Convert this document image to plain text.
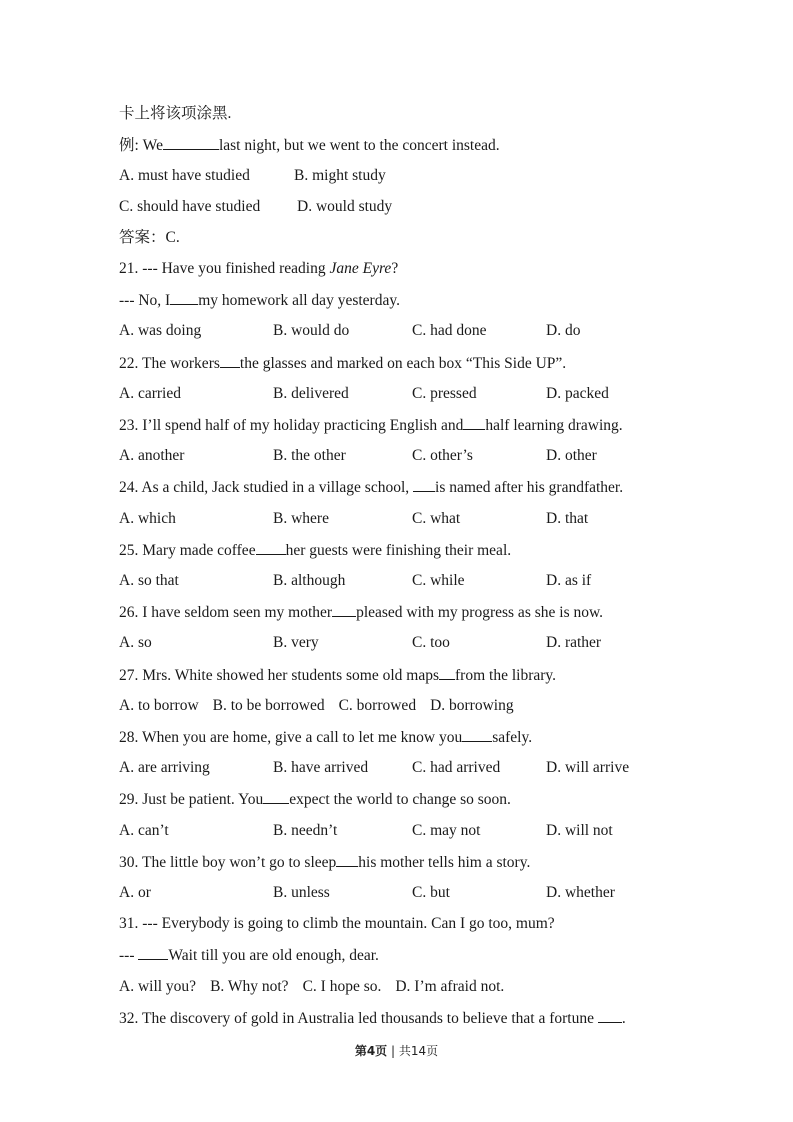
卡上将该项涂黑.
例: We	last night, but we went to the concert instead.
A. must have studied	B. might study
C. should have studied D. would study
答案：C.
21. --- Have you finished reading Jane Eyre?
--- No, I my homework all day yesterday.
A. was doing	B. would do	C. had done	D. do
22. The workers the glasses and marked on each box “This Side UP”.
A. carried	B. delivered	C. pressed	D. packed
23. I’ll spend half of my holiday practicing English and half learning drawing.
A. another	B. the other	C. other’s	D. other
24. As a child, Jack studied in a village school, is named after his grandfather.
A. which	B. where	C. what	D. that
25. Mary made coffee her guests were finishing their meal.
A. so that	B. although	C. while	D. as if
26. I have seldom seen my mother pleased with my progress as she is now.
A. so	B. very	C. too	D. rather
27. Mrs. White showed her students some old maps from the library.
A. to borrow B. to be borrowed C. borrowed D. borrowing
28. When you are home, give a call to let me know you safely.
A. are arriving	B. have arrived	C. had arrived	D. will arrive
29. Just be patient. You expect the world to change so soon.
A. can’t	B. needn’t	C. may not	D. will not
30. The little boy won’t go to sleep his mother tells him a story.
A. or	B. unless	C. but	D. whether
31. --- Everybody is going to climb the mountain. Can I go too, mum?
--- Wait till you are old enough, dear.
A. will you? B. Why not? C. I hope so. D. I’m afraid not.
32. The discovery of gold in Australia led thousands to believe that a fortune .
第4页 | 共14页
